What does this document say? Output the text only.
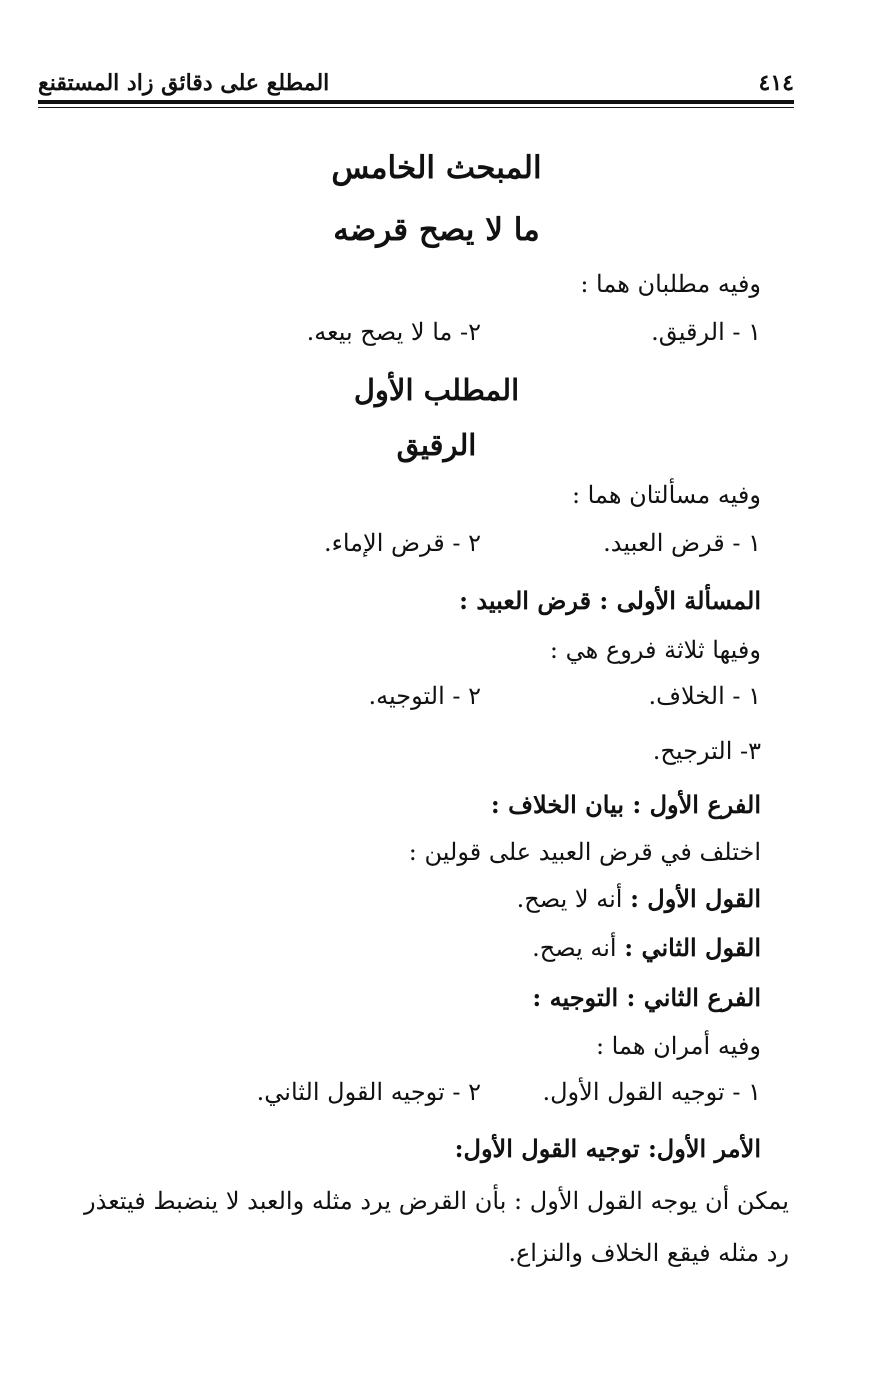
٤١٤
المطلع على دقائق زاد المستقنع
المبحث الخامس
ما لا يصح قرضه
وفيه مطلبان هما :
١ - الرقيق.
٢- ما لا يصح بيعه.
المطلب الأول
الرقيق
وفيه مسألتان هما :
١ - قرض العبيد.
٢ - قرض الإماء.
المسألة الأولى : قرض العبيد :
وفيها ثلاثة فروع هي :
١ - الخلاف.
٢ - التوجيه.
٣- الترجيح.
الفرع الأول : بيان الخلاف :
اختلف في قرض العبيد على قولين :
القول الأول : أنه لا يصح.
القول الثاني : أنه يصح.
الفرع الثاني : التوجيه :
وفيه أمران هما :
١ - توجيه القول الأول.
٢ - توجيه القول الثاني.
الأمر الأول: توجيه القول الأول:
يمكن أن يوجه القول الأول : بأن القرض يرد مثله والعبد لا ينضبط فيتعذر رد مثله فيقع الخلاف والنزاع.
